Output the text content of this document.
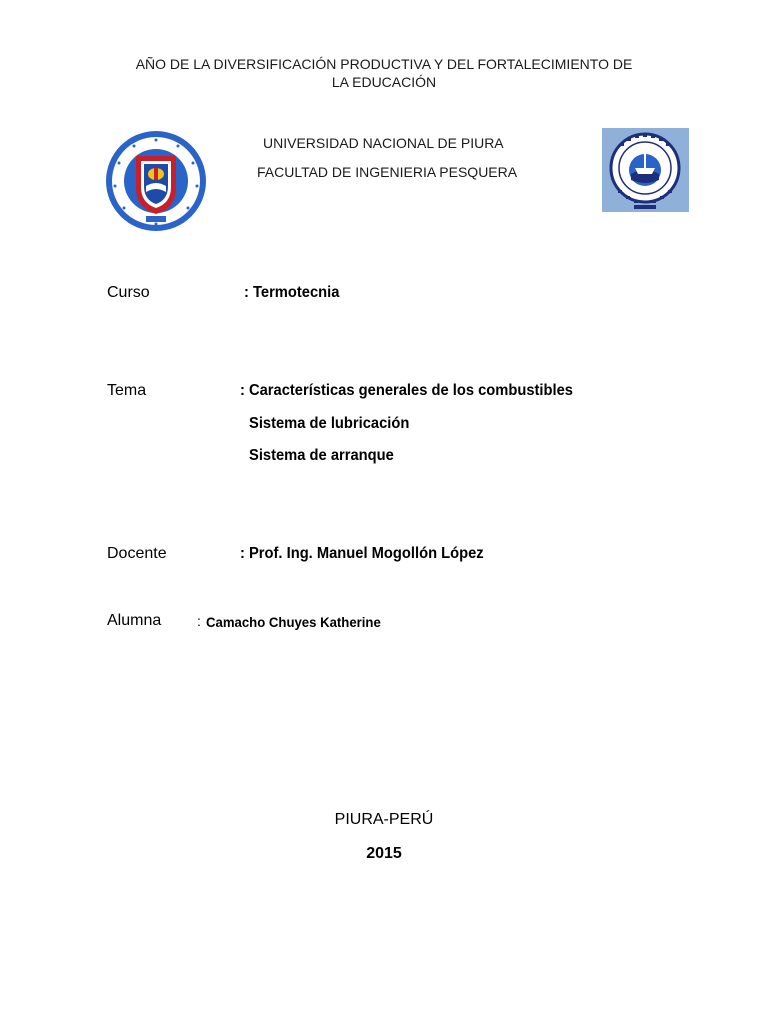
AÑO DE LA DIVERSIFICACIÓN PRODUCTIVA Y DEL FORTALECIMIENTO DE
LA EDUCACIÓN
UNIVERSIDAD NACIONAL DE PIURA
FACULTAD DE INGENIERIA PESQUERA
Curso	: Termotecnia
Tema	: Características generales de los combustibles
Sistema de lubricación
Sistema de arranque
Docente	: Prof. Ing. Manuel Mogollón López
Alumna	: Camacho Chuyes Katherine
PIURA-PERÚ
2015
